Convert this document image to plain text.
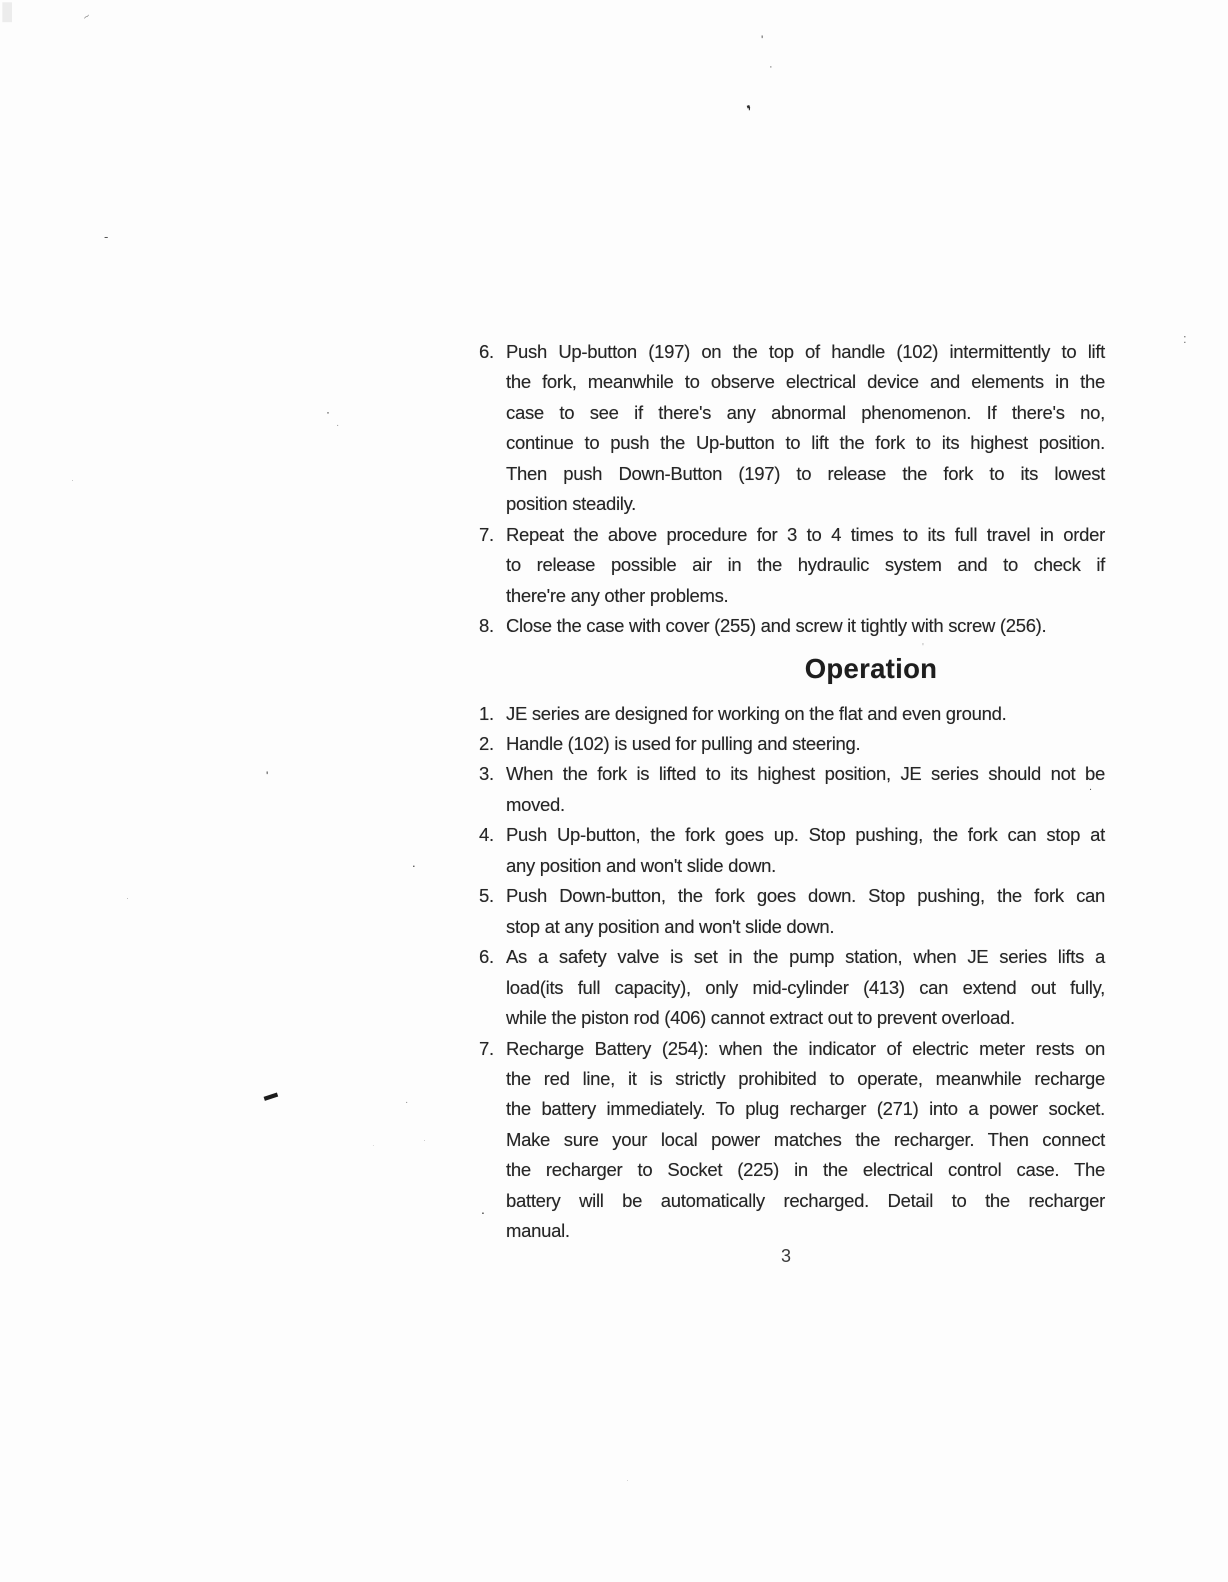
6. Push Up-button (197) on the top of handle (102) intermittently to lift
the fork, meanwhile to observe electrical device and elements in the
case to see if there's any abnormal phenomenon. If there's no,
continue to push the Up-button to lift the fork to its highest position.
Then push Down-Button (197) to release the fork to its lowest
position steadily.
7. Repeat the above procedure for 3 to 4 times to its full travel in order
to release possible air in the hydraulic system and to check if
there're any other problems.
8. Close the case with cover (255) and screw it tightly with screw (256).
Operation
1. JE series are designed for working on the flat and even ground.
2. Handle (102) is used for pulling and steering.
3. When the fork is lifted to its highest position, JE series should not be
moved.
4. Push Up-button, the fork goes up. Stop pushing, the fork can stop at
any position and won't slide down.
5. Push Down-button, the fork goes down. Stop pushing, the fork can
stop at any position and won't slide down.
6. As a safety valve is set in the pump station, when JE series lifts a
load(its full capacity), only mid-cylinder (413) can extend out fully,
while the piston rod (406) cannot extract out to prevent overload.
7. Recharge Battery (254): when the indicator of electric meter rests on
the red line, it is strictly prohibited to operate, meanwhile recharge
the battery immediately. To plug recharger (271) into a power socket.
Make sure your local power matches the recharger. Then connect
the recharger to Socket (225) in the electrical control case. The
battery will be automatically recharged. Detail to the recharger
manual.
3
▮	~
'
·
❜
-
:
·
·
·
'
'
.
.
·
▬	·
·
·
.
·
